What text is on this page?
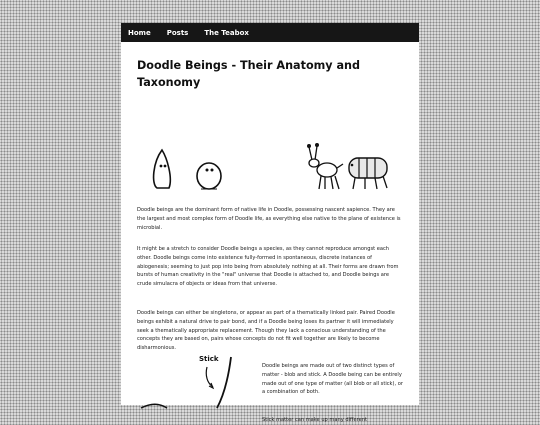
Home Posts The Teabox
Doodle Beings - Their Anatomy and Taxonomy

Doodle beings are the dominant form of native life in Doodle, possessing nascent sapience. They are the largest and most complex form of Doodle life, as everything else native to the plane of existence is microbial.

It might be a stretch to consider Doodle beings a species, as they cannot reproduce amongst each other. Doodle beings come into existence fully-formed in spontaneous, discrete instances of abiogenesis; seeming to just pop into being from absolutely nothing at all. Their forms are drawn from bursts of human creativity in the "real" universe that Doodle is attached to, and Doodle beings are crude simulacra of objects or ideas from that universe.

Doodle beings can either be singletons, or appear as part of a thematically linked pair. Paired Doodle beings exhibit a natural drive to pair bond, and if a Doodle being loses its partner it will immediately seek a thematically appropriate replacement. Though they lack a conscious understanding of the concepts they are based on, pairs whose concepts do not fit well together are likely to become disharmonious.

Stick

Doodle beings are made out of two distinct types of matter - blob and stick. A Doodle being can be entirely made out of one type of matter (all blob or all stick), or a combination of both.

Stick matter can make up many different
